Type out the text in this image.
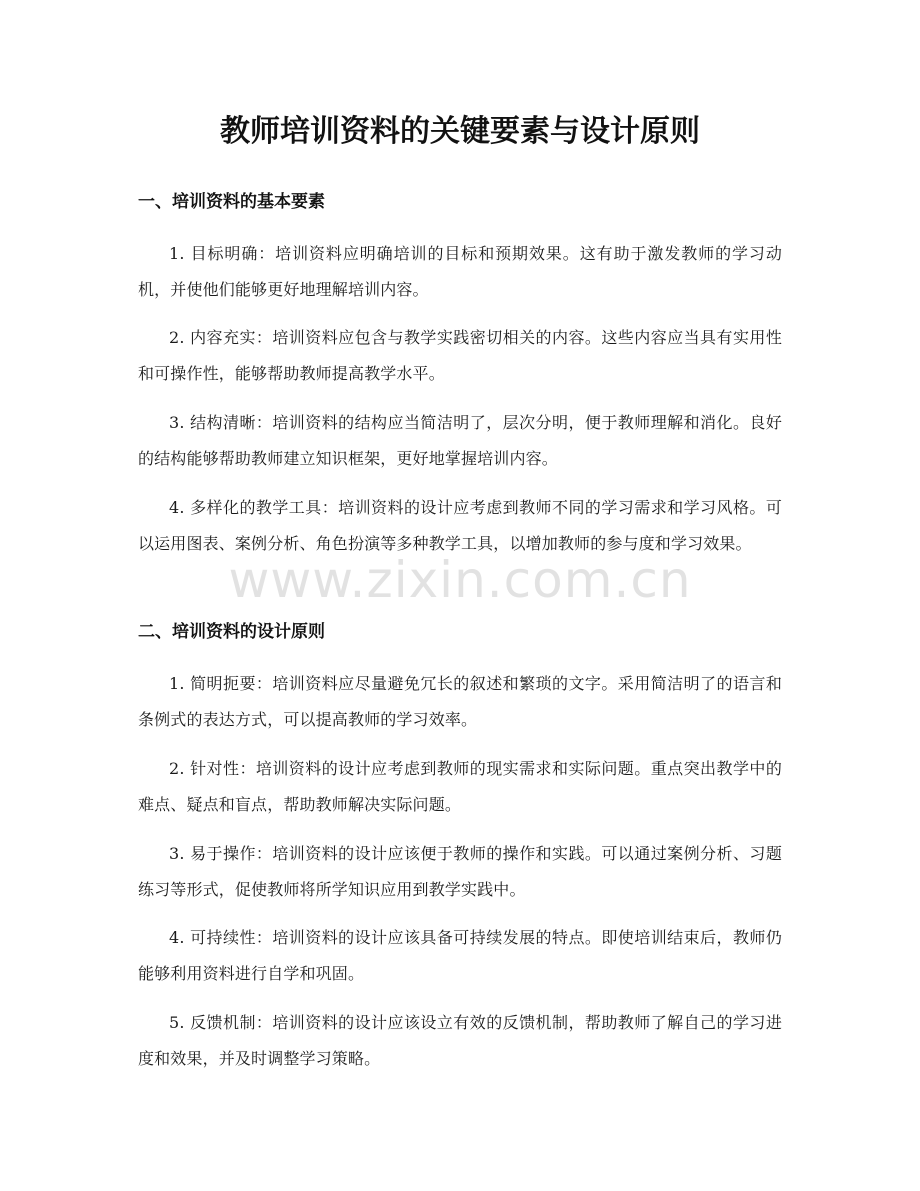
教师培训资料的关键要素与设计原则
一、培训资料的基本要素

1. 目标明确：培训资料应明确培训的目标和预期效果。这有助于激发教师的学习动机，并使他们能够更好地理解培训内容。

2. 内容充实：培训资料应包含与教学实践密切相关的内容。这些内容应当具有实用性和可操作性，能够帮助教师提高教学水平。

3. 结构清晰：培训资料的结构应当简洁明了，层次分明，便于教师理解和消化。良好的结构能够帮助教师建立知识框架，更好地掌握培训内容。

4. 多样化的教学工具：培训资料的设计应考虑到教师不同的学习需求和学习风格。可以运用图表、案例分析、角色扮演等多种教学工具，以增加教师的参与度和学习效果。

二、培训资料的设计原则

1. 简明扼要：培训资料应尽量避免冗长的叙述和繁琐的文字。采用简洁明了的语言和条例式的表达方式，可以提高教师的学习效率。

2. 针对性：培训资料的设计应考虑到教师的现实需求和实际问题。重点突出教学中的难点、疑点和盲点，帮助教师解决实际问题。

3. 易于操作：培训资料的设计应该便于教师的操作和实践。可以通过案例分析、习题练习等形式，促使教师将所学知识应用到教学实践中。

4. 可持续性：培训资料的设计应该具备可持续发展的特点。即使培训结束后，教师仍能够利用资料进行自学和巩固。

5. 反馈机制：培训资料的设计应该设立有效的反馈机制，帮助教师了解自己的学习进度和效果，并及时调整学习策略。

www.zixin.com.cn
